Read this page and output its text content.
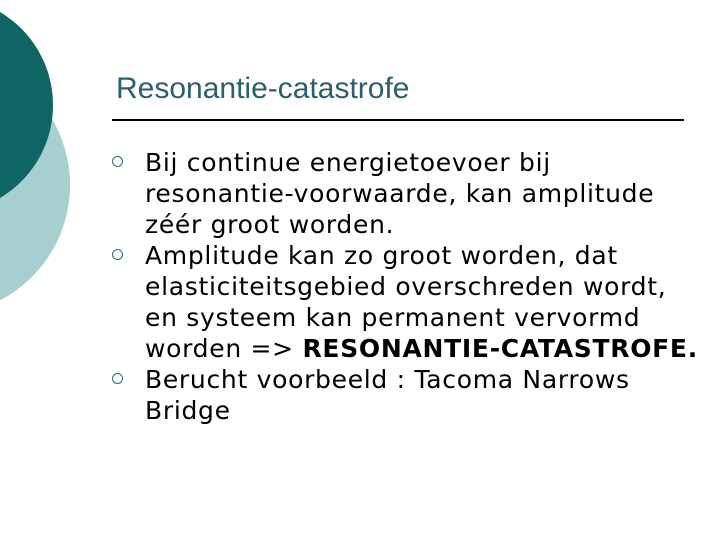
Resonantie-catastrofe
Bij continue energietoevoer bij resonantie-voorwaarde, kan amplitude zéér groot worden.
Amplitude kan zo groot worden, dat elasticiteitsgebied overschreden wordt, en systeem kan permanent vervormd worden => RESONANTIE-CATASTROFE.
Berucht voorbeeld : Tacoma Narrows Bridge
